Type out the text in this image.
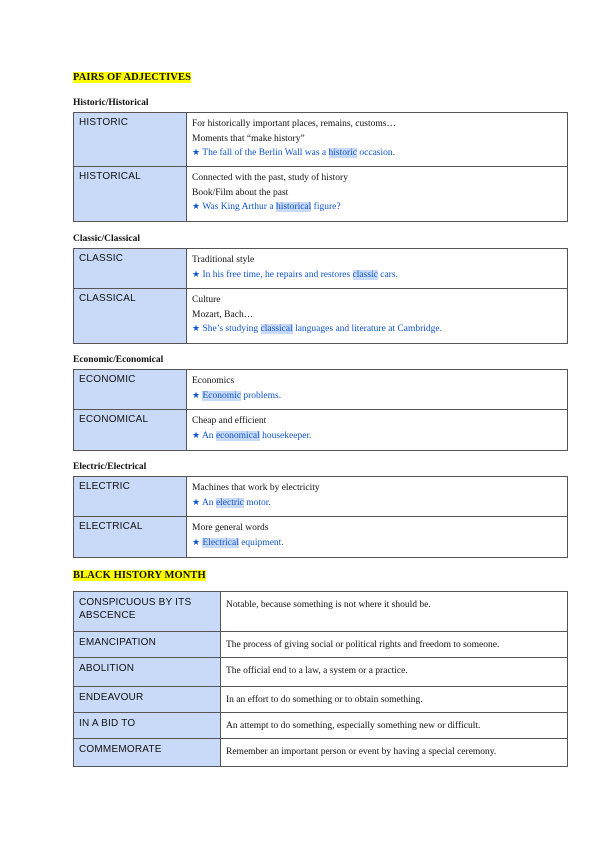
PAIRS OF ADJECTIVES
Historic/Historical
HISTORIC	For historically important places, remains, customs…
Moments that “make history”
★ The fall of the Berlin Wall was a historic occasion.

HISTORICAL	Connected with the past, study of history
Book/Film about the past
★ Was King Arthur a historical figure?
Classic/Classical
CLASSIC	Traditional style
★ In his free time, he repairs and restores classic cars.

CLASSICAL	Culture
Mozart, Bach…
★ She’s studying classical languages and literature at Cambridge.
Economic/Economical
ECONOMIC	Economics
★ Economic problems.

ECONOMICAL	Cheap and efficient
★ An economical housekeeper.
Electric/Electrical
ELECTRIC	Machines that work by electricity
★ An electric motor.

ELECTRICAL	More general words
★ Electrical equipment.
BLACK HISTORY MONTH
CONSPICUOUS BY ITS ABSCENCE	Notable, because something is not where it should be.
EMANCIPATION	The process of giving social or political rights and freedom to someone.
ABOLITION	The official end to a law, a system or a practice.
ENDEAVOUR	In an effort to do something or to obtain something.
IN A BID TO	An attempt to do something, especially something new or difficult.
COMMEMORATE	Remember an important person or event by having a special ceremony.
